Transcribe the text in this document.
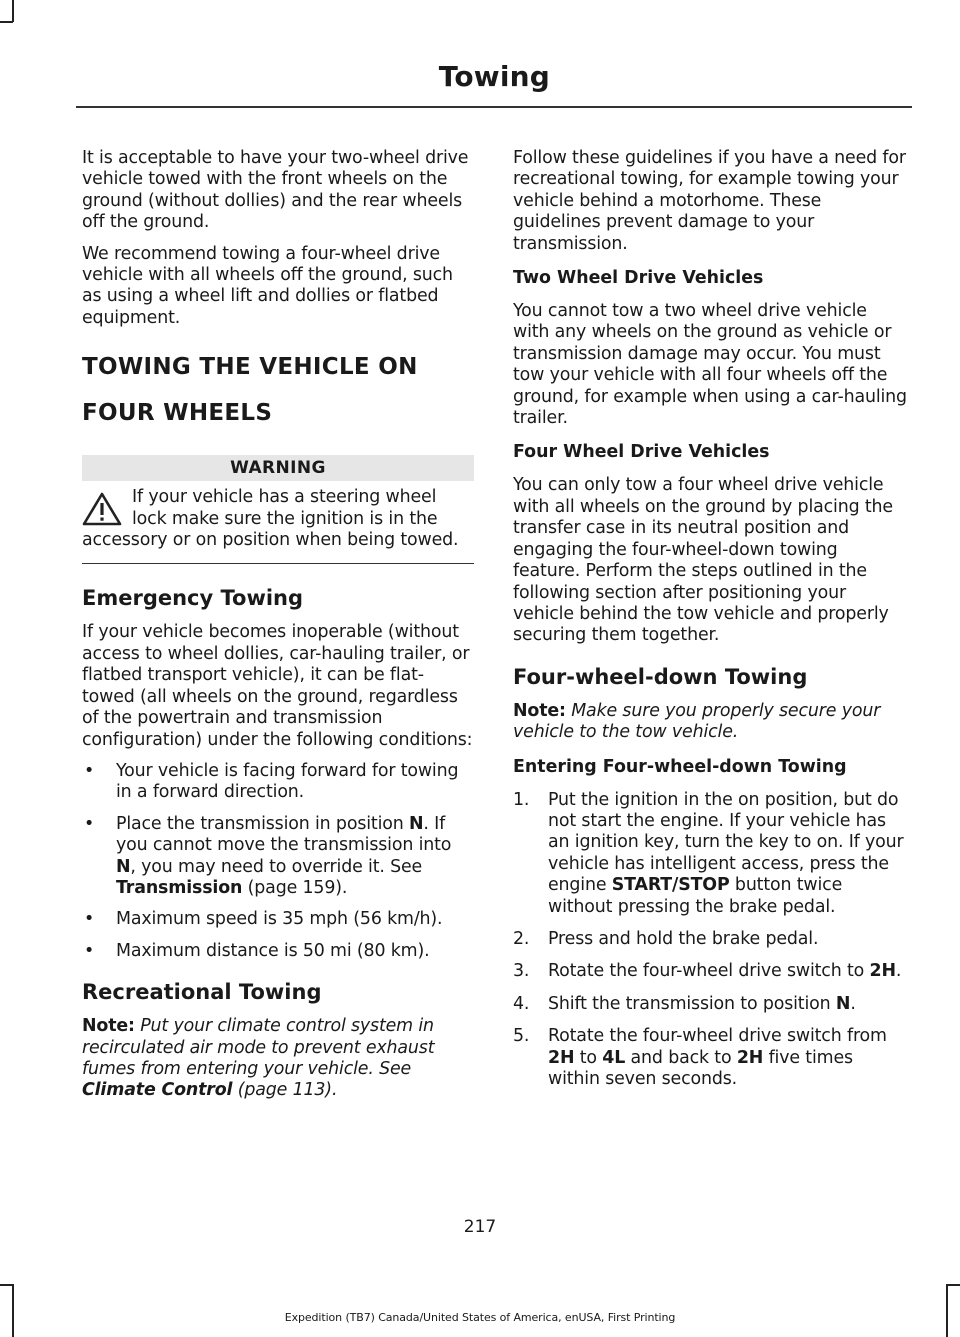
Towing

It is acceptable to have your two-wheel drive vehicle towed with the front wheels on the ground (without dollies) and the rear wheels off the ground.

We recommend towing a four-wheel drive vehicle with all wheels off the ground, such as using a wheel lift and dollies or flatbed equipment.

TOWING THE VEHICLE ON
FOUR WHEELS
WARNING
If your vehicle has a steering wheel lock make sure the ignition is in the accessory or on position when being towed.
Emergency Towing

If your vehicle becomes inoperable (without access to wheel dollies, car-hauling trailer, or flatbed transport vehicle), it can be flat-towed (all wheels on the ground, regardless of the powertrain and transmission configuration) under the following conditions:

• Your vehicle is facing forward for towing in a forward direction.
• Place the transmission in position N. If you cannot move the transmission into N, you may need to override it. See Transmission (page 159).
• Maximum speed is 35 mph (56 km/h).
• Maximum distance is 50 mi (80 km).
Recreational Towing

Note: Put your climate control system in recirculated air mode to prevent exhaust fumes from entering your vehicle. See Climate Control (page 113).

Follow these guidelines if you have a need for recreational towing, for example towing your vehicle behind a motorhome. These guidelines prevent damage to your transmission.

Two Wheel Drive Vehicles

You cannot tow a two wheel drive vehicle with any wheels on the ground as vehicle or transmission damage may occur. You must tow your vehicle with all four wheels off the ground, for example when using a car-hauling trailer.

Four Wheel Drive Vehicles

You can only tow a four wheel drive vehicle with all wheels on the ground by placing the transfer case in its neutral position and engaging the four-wheel-down towing feature. Perform the steps outlined in the following section after positioning your vehicle behind the tow vehicle and properly securing them together.

Four-wheel-down Towing

Note: Make sure you properly secure your vehicle to the tow vehicle.

Entering Four-wheel-down Towing
1. Put the ignition in the on position, but do not start the engine. If your vehicle has an ignition key, turn the key to on. If your vehicle has intelligent access, press the engine START/STOP button twice without pressing the brake pedal.
2. Press and hold the brake pedal.
3. Rotate the four-wheel drive switch to 2H.
4. Shift the transmission to position N.
5. Rotate the four-wheel drive switch from 2H to 4L and back to 2H five times within seven seconds.
217
Expedition (TB7) Canada/United States of America, enUSA, First Printing
